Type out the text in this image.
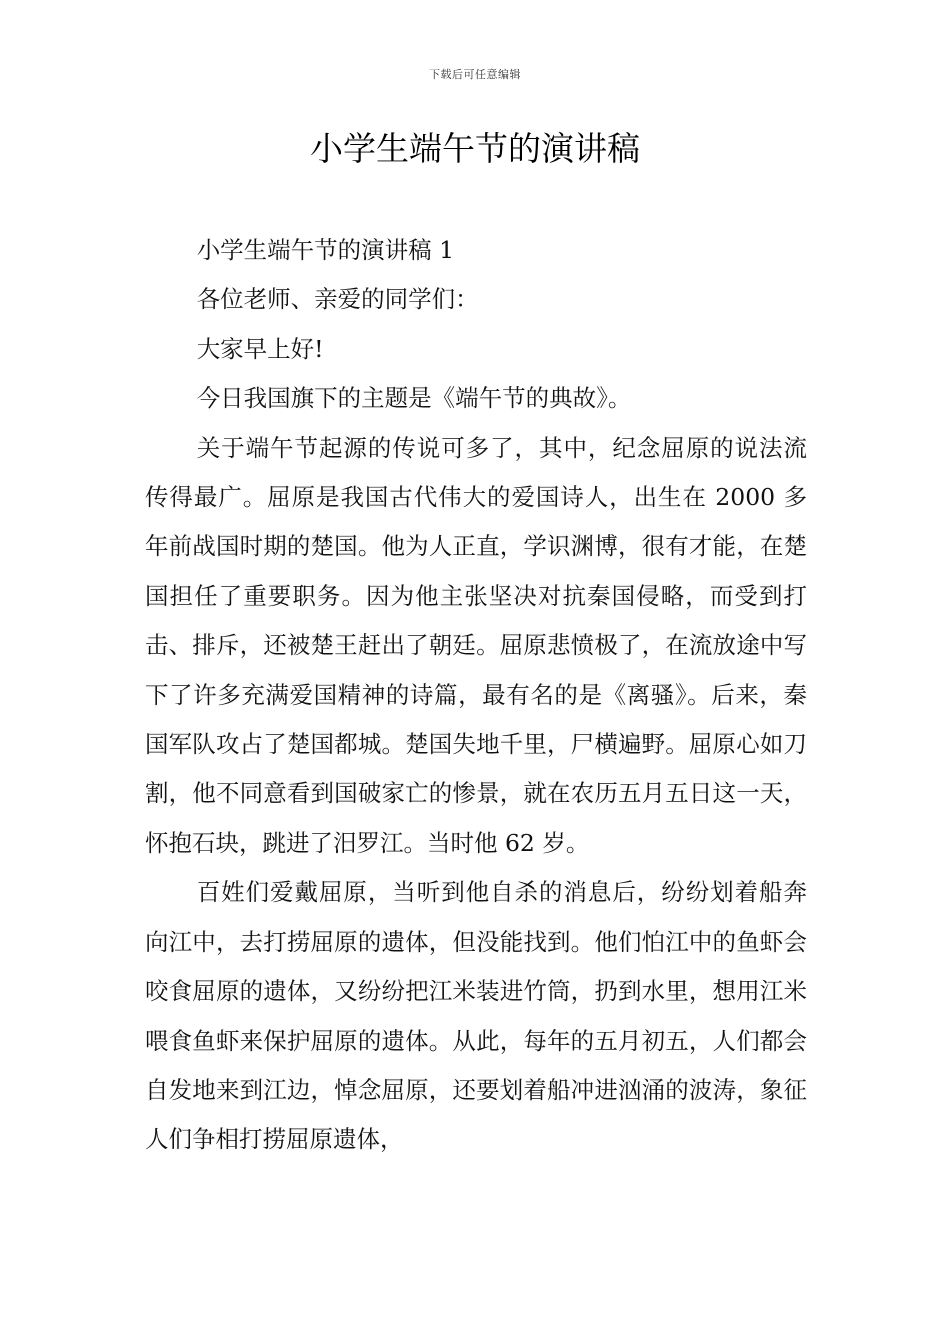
下载后可任意编辑
小学生端午节的演讲稿

小学生端午节的演讲稿 1

各位老师、亲爱的同学们：

大家早上好!

今日我国旗下的主题是《端午节的典故》。

关于端午节起源的传说可多了，其中，纪念屈原的说法流传得最广。屈原是我国古代伟大的爱国诗人，出生在 2000 多年前战国时期的楚国。他为人正直，学识渊博，很有才能，在楚国担任了重要职务。因为他主张坚决对抗秦国侵略，而受到打击、排斥，还被楚王赶出了朝廷。屈原悲愤极了，在流放途中写下了许多充满爱国精神的诗篇，最有名的是《离骚》。后来，秦国军队攻占了楚国都城。楚国失地千里，尸横遍野。屈原心如刀割，他不同意看到国破家亡的惨景，就在农历五月五日这一天，怀抱石块，跳进了汨罗江。当时他 62 岁。

百姓们爱戴屈原，当听到他自杀的消息后，纷纷划着船奔向江中，去打捞屈原的遗体，但没能找到。他们怕江中的鱼虾会咬食屈原的遗体，又纷纷把江米装进竹筒，扔到水里，想用江米喂食鱼虾来保护屈原的遗体。从此，每年的五月初五，人们都会自发地来到江边，悼念屈原，还要划着船冲进汹涌的波涛，象征人们争相打捞屈原遗体，
